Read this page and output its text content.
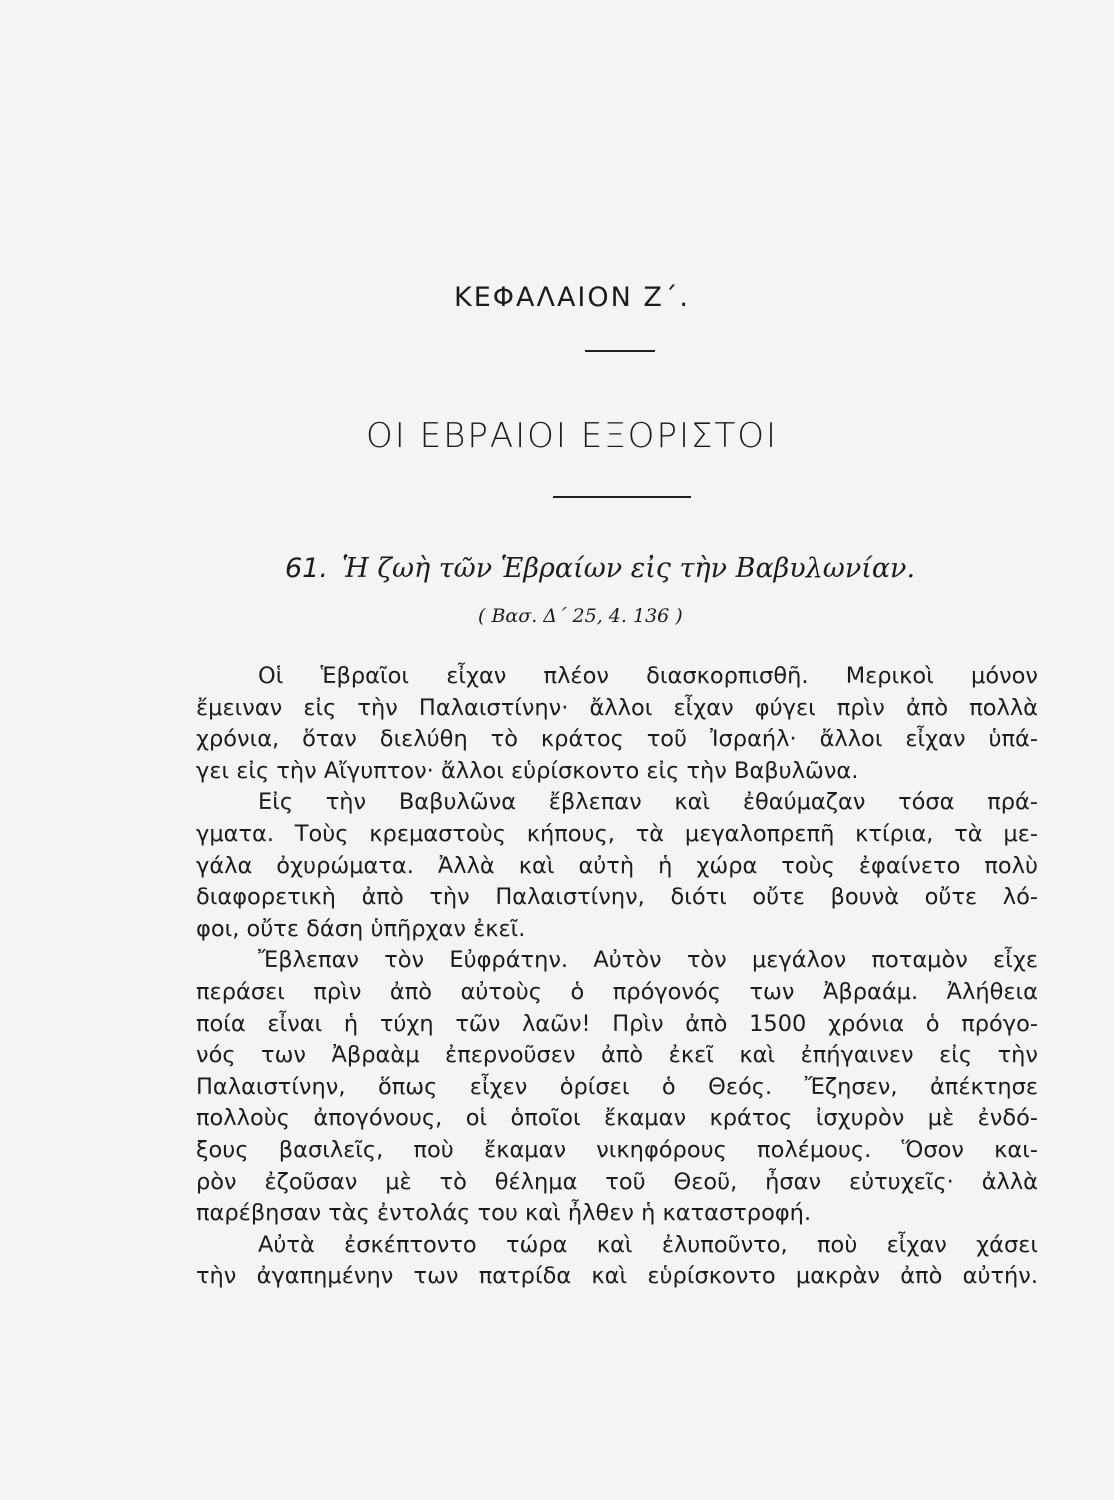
ΚΕΦΑΛΑΙΟΝ Ζ΄.
ΟΙ ΕΒΡΑΙΟΙ ΕΞΟΡΙΣΤΟΙ
61. Ἡ ζωὴ τῶν Ἑβραίων εἰς τὴν Βαβυλωνίαν.
( Βασ. Δ΄ 25, 4. 136 )
Οἱ Ἑβραῖοι εἶχαν πλέον διασκορπισθῆ. Μερικοὶ μόνον
ἔμειναν εἰς τὴν Παλαιστίνην· ἄλλοι εἶχαν φύγει πρὶν ἀπὸ πολλὰ
χρόνια, ὅταν διελύθη τὸ κράτος τοῦ Ἰσραήλ· ἄλλοι εἶχαν ὑπά-
γει εἰς τὴν Αἴγυπτον· ἄλλοι εὑρίσκοντο εἰς τὴν Βαβυλῶνα.
Εἰς τὴν Βαβυλῶνα ἔβλεπαν καὶ ἐθαύμαζαν τόσα πρά-
γματα. Τοὺς κρεμαστοὺς κήπους, τὰ μεγαλοπρεπῆ κτίρια, τὰ με-
γάλα ὀχυρώματα. Ἀλλὰ καὶ αὐτὴ ἡ χώρα τοὺς ἐφαίνετο πολὺ
διαφορετικὴ ἀπὸ τὴν Παλαιστίνην, διότι οὔτε βουνὰ οὔτε λό-
φοι, οὔτε δάση ὑπῆρχαν ἐκεῖ.
Ἔβλεπαν τὸν Εὐφράτην. Αὐτὸν τὸν μεγάλον ποταμὸν εἶχε
περάσει πρὶν ἀπὸ αὐτοὺς ὁ πρόγονός των Ἀβραάμ. Ἀλήθεια
ποία εἶναι ἡ τύχη τῶν λαῶν! Πρὶν ἀπὸ 1500 χρόνια ὁ πρόγο-
νός των Ἀβραὰμ ἐπερνοῦσεν ἀπὸ ἐκεῖ καὶ ἐπήγαινεν εἰς τὴν
Παλαιστίνην, ὅπως εἶχεν ὁρίσει ὁ Θεός. Ἔζησεν, ἀπέκτησε
πολλοὺς ἀπογόνους, οἱ ὁποῖοι ἔκαμαν κράτος ἰσχυρὸν μὲ ἐνδό-
ξους βασιλεῖς, ποὺ ἔκαμαν νικηφόρους πολέμους. Ὅσον και-
ρὸν ἐζοῦσαν μὲ τὸ θέλημα τοῦ Θεοῦ, ἦσαν εὐτυχεῖς· ἀλλὰ
παρέβησαν τὰς ἐντολάς του καὶ ἦλθεν ἡ καταστροφή.
Αὐτὰ ἐσκέπτοντο τώρα καὶ ἐλυποῦντο, ποὺ εἶχαν χάσει
τὴν ἀγαπημένην των πατρίδα καὶ εὑρίσκοντο μακρὰν ἀπὸ αὐτήν.
